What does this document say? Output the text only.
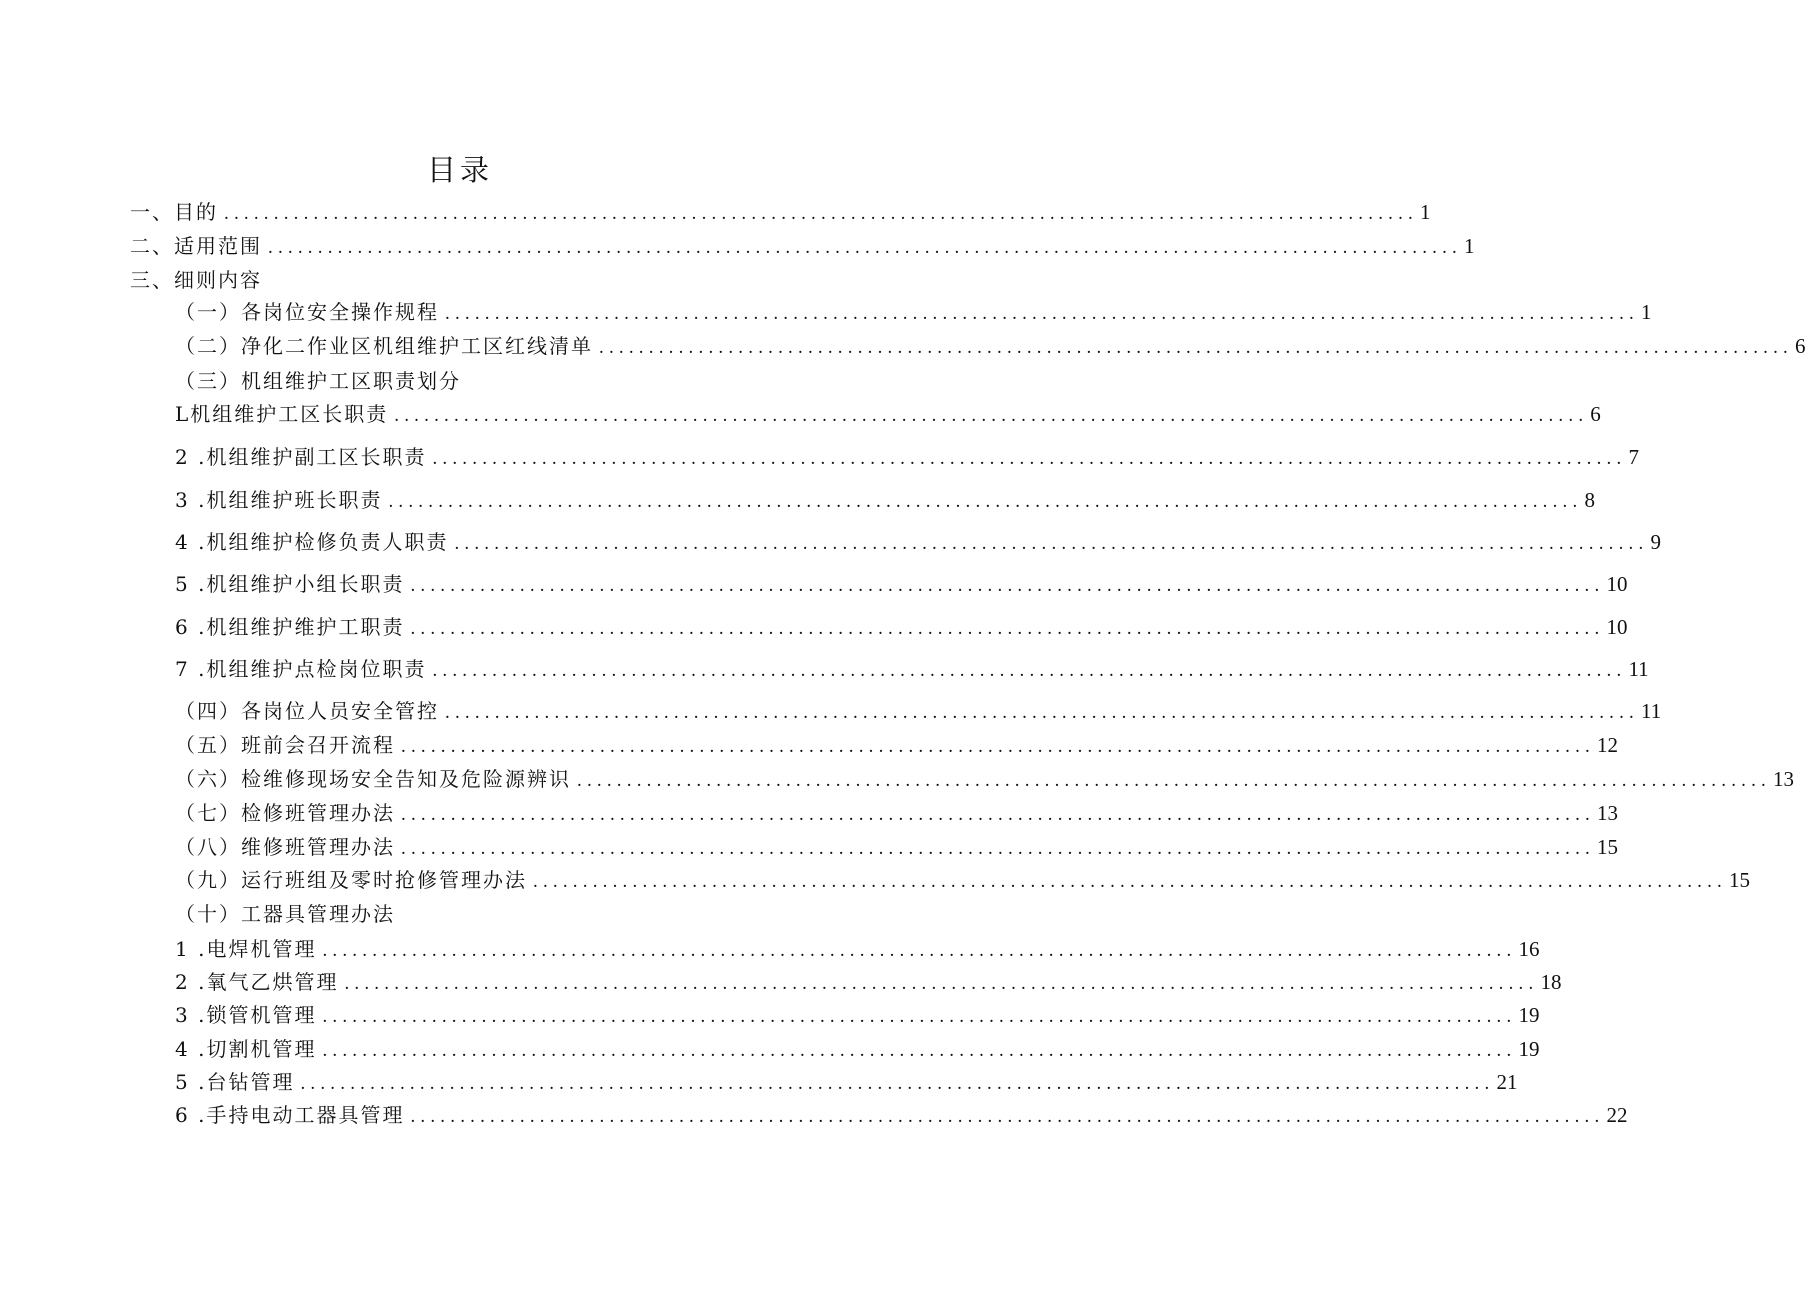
目录
一、目的 ........................................................................................................................ 1
二、适用范围 ........................................................................................................................ 1
三、细则内容
（一）各岗位安全操作规程 ........................................................................................................................ 1
（二）净化二作业区机组维护工区红线清单 ........................................................................................................................ 6
（三）机组维护工区职责划分
L机组维护工区长职责 ........................................................................................................................ 6
2 .机组维护副工区长职责 ........................................................................................................................ 7
3 .机组维护班长职责 ........................................................................................................................ 8
4 .机组维护检修负责人职责 ........................................................................................................................ 9
5 .机组维护小组长职责 ........................................................................................................................ 10
6 .机组维护维护工职责 ........................................................................................................................ 10
7 .机组维护点检岗位职责 ........................................................................................................................ 11
（四）各岗位人员安全管控 ........................................................................................................................ 11
（五）班前会召开流程 ........................................................................................................................ 12
（六）检维修现场安全告知及危险源辨识 ........................................................................................................................ 13
（七）检修班管理办法 ........................................................................................................................ 13
（八）维修班管理办法 ........................................................................................................................ 15
（九）运行班组及零时抢修管理办法 ........................................................................................................................ 15
（十）工器具管理办法
1 .电焊机管理 ........................................................................................................................ 16
2 .氧气乙烘管理 ........................................................................................................................ 18
3 .锁管机管理 ........................................................................................................................ 19
4 .切割机管理 ........................................................................................................................ 19
5 .台钻管理 ........................................................................................................................ 21
6 .手持电动工器具管理 ........................................................................................................................ 22
